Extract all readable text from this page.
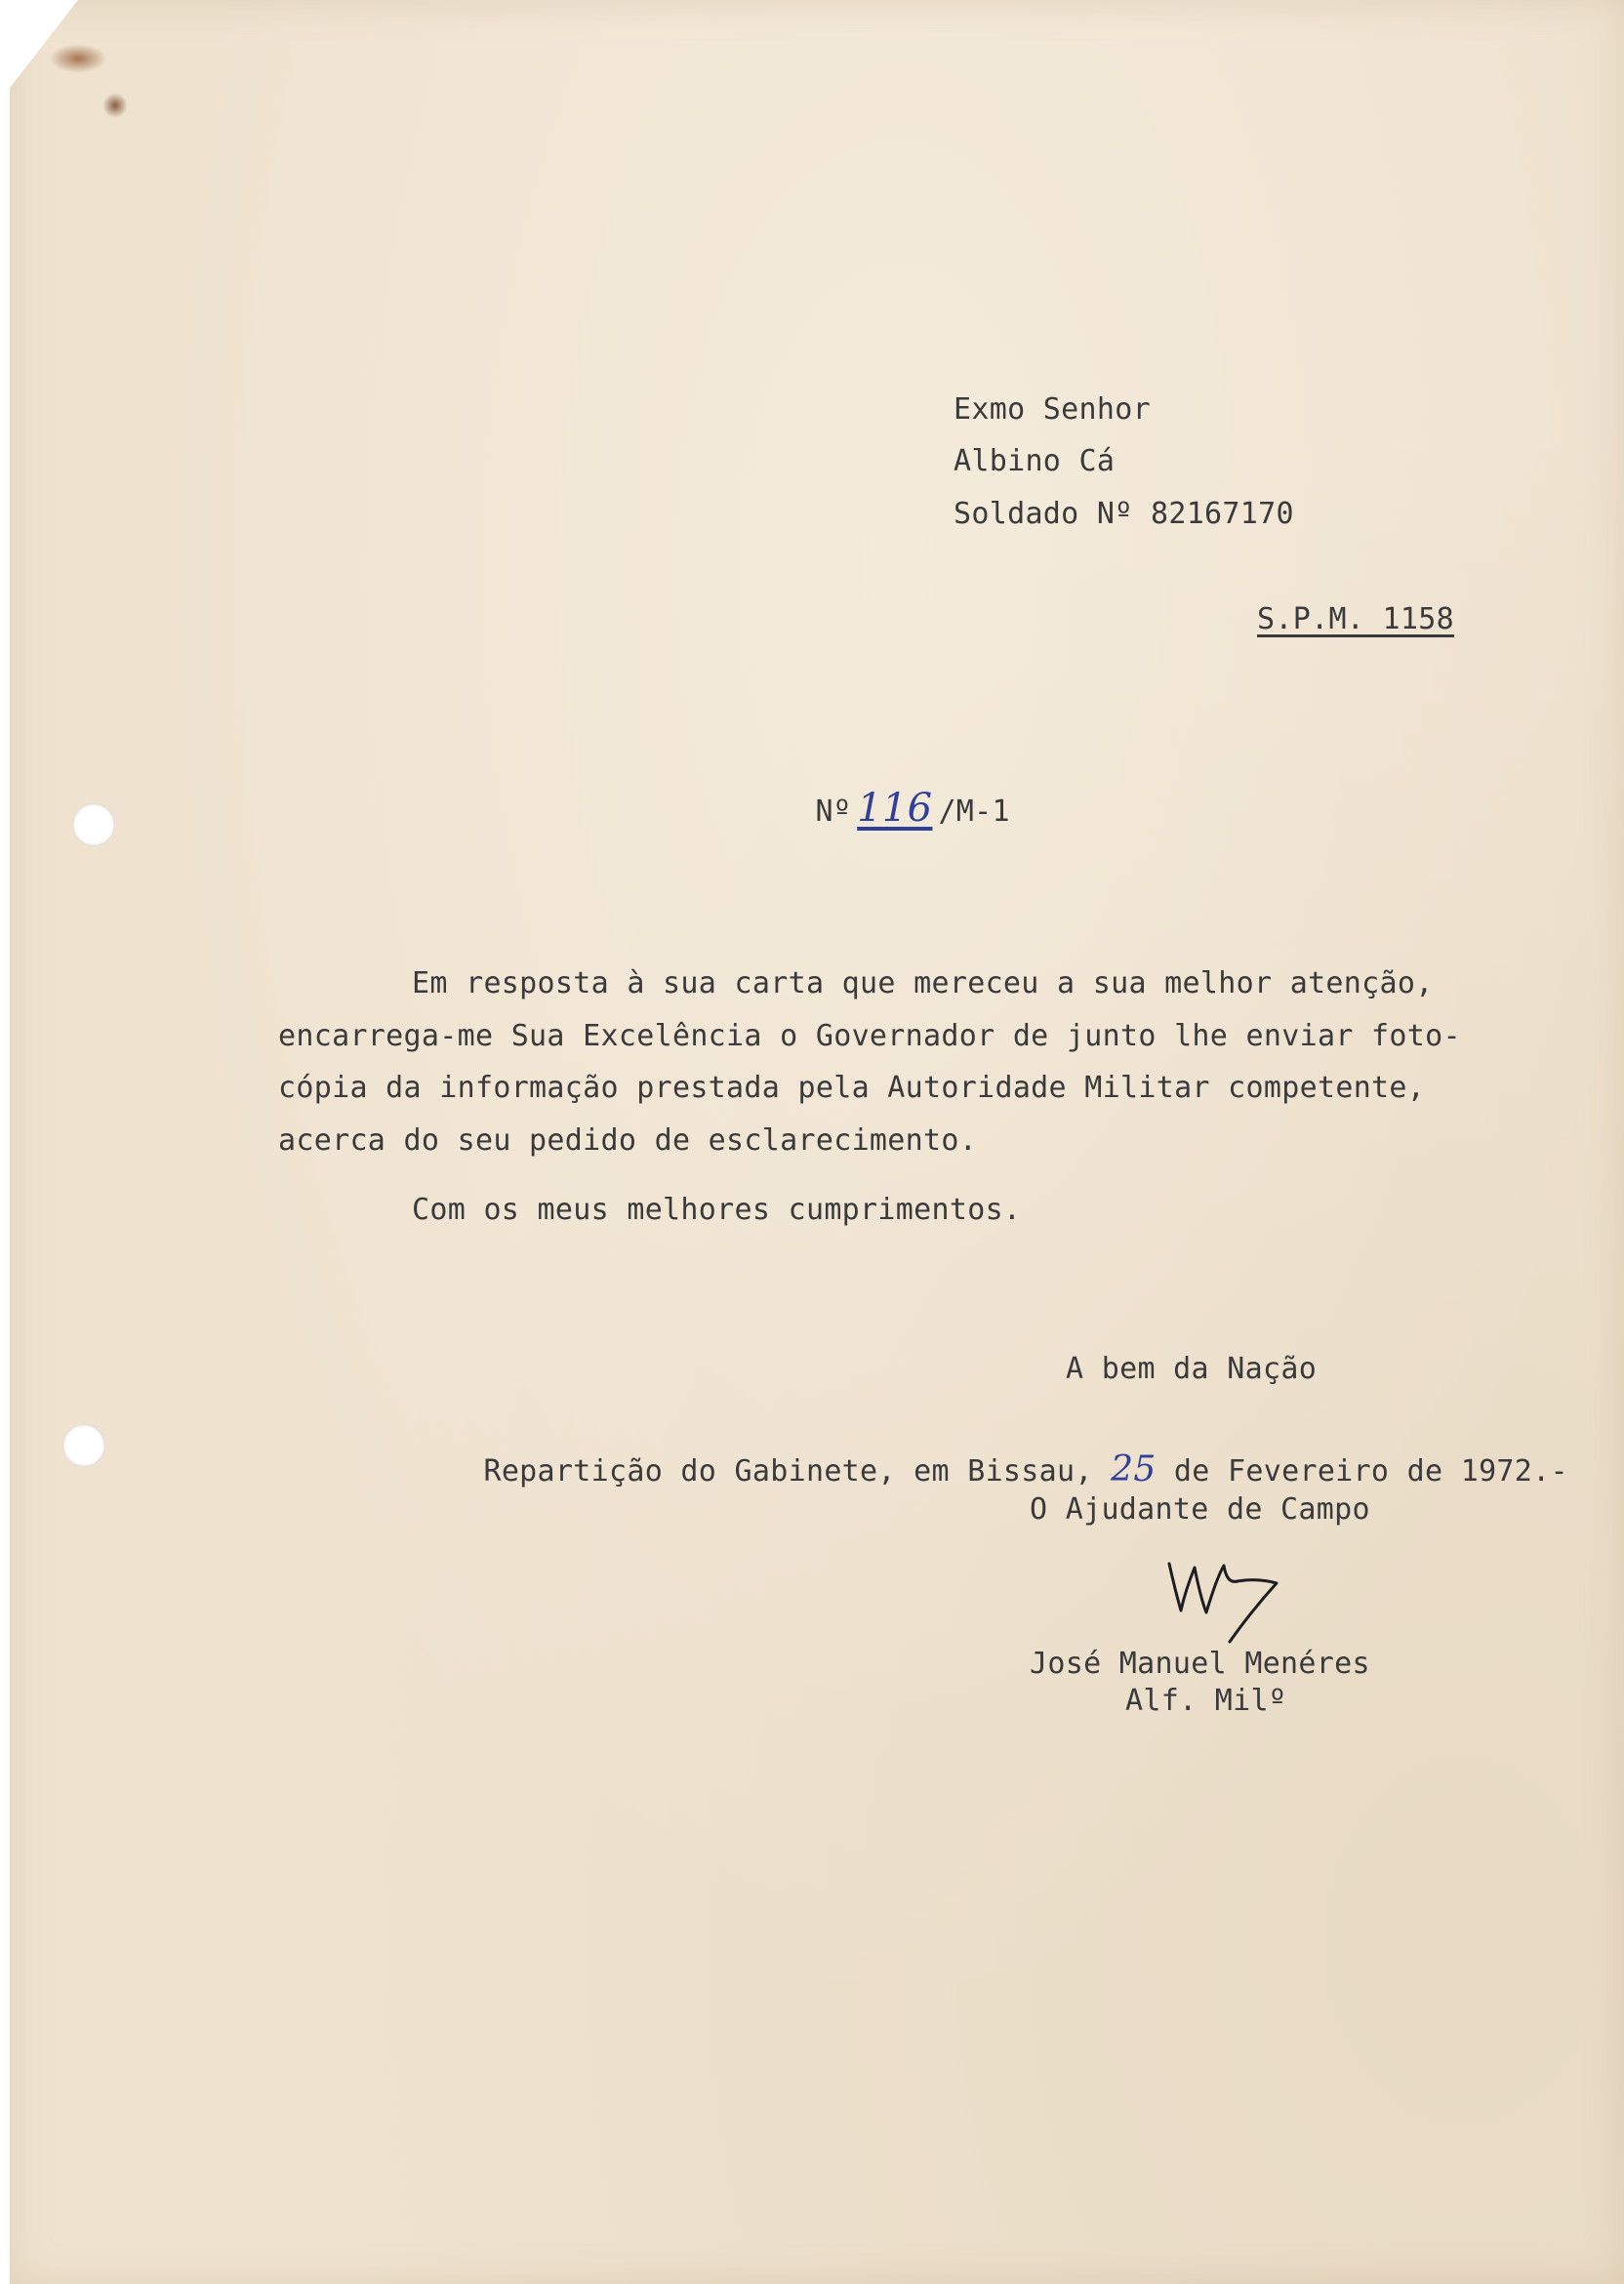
Exmo Senhor
Albino Cá
Soldado Nº 82167170
S.P.M. 1158

Nº 116 /M-1

Em resposta à sua carta que mereceu a sua melhor atenção,
encarrega-me Sua Excelência o Governador de junto lhe enviar foto-
cópia da informação prestada pela Autoridade Militar competente,
acerca do seu pedido de esclarecimento.
Com os meus melhores cumprimentos.
A bem da Nação

Repartição do Gabinete, em Bissau, 25 de Fevereiro de 1972.-

O Ajudante de Campo
José Manuel Menéres
Alf. Milº
